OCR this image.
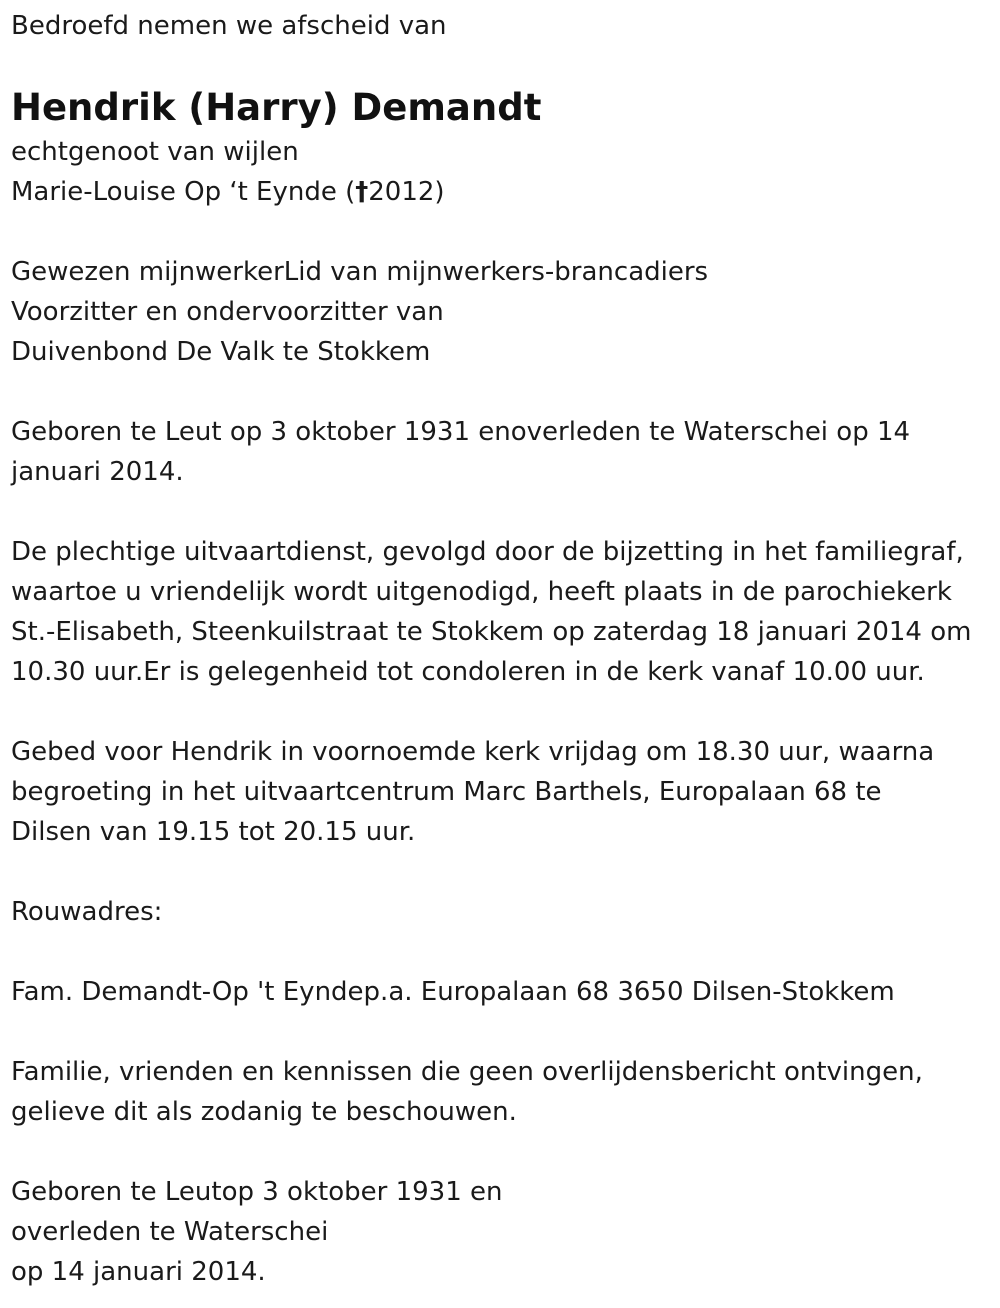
Bedroefd nemen we afscheid van

Hendrik (Harry) Demandt

echtgenoot van wijlen

Marie-Louise Op ‘t Eynde (†2012)

Gewezen mijnwerkerLid van mijnwerkers-brancadiers

Voorzitter en ondervoorzitter van

Duivenbond De Valk te Stokkem

Geboren te Leut op 3 oktober 1931 enoverleden te Waterschei op 14

januari 2014.

De plechtige uitvaartdienst, gevolgd door de bijzetting in het familiegraf,

waartoe u vriendelijk wordt uitgenodigd, heeft plaats in de parochiekerk

St.-Elisabeth, Steenkuilstraat te Stokkem op zaterdag 18 januari 2014 om

10.30 uur.Er is gelegenheid tot condoleren in de kerk vanaf 10.00 uur.

Gebed voor Hendrik in voornoemde kerk vrijdag om 18.30 uur, waarna

begroeting in het uitvaartcentrum Marc Barthels, Europalaan 68 te

Dilsen van 19.15 tot 20.15 uur.

Rouwadres:

Fam. Demandt-Op 't Eyndep.a. Europalaan 68 3650 Dilsen-Stokkem

Familie, vrienden en kennissen die geen overlijdensbericht ontvingen,

gelieve dit als zodanig te beschouwen.

Geboren te Leutop 3 oktober 1931 en

overleden te Waterschei

op 14 januari 2014.
